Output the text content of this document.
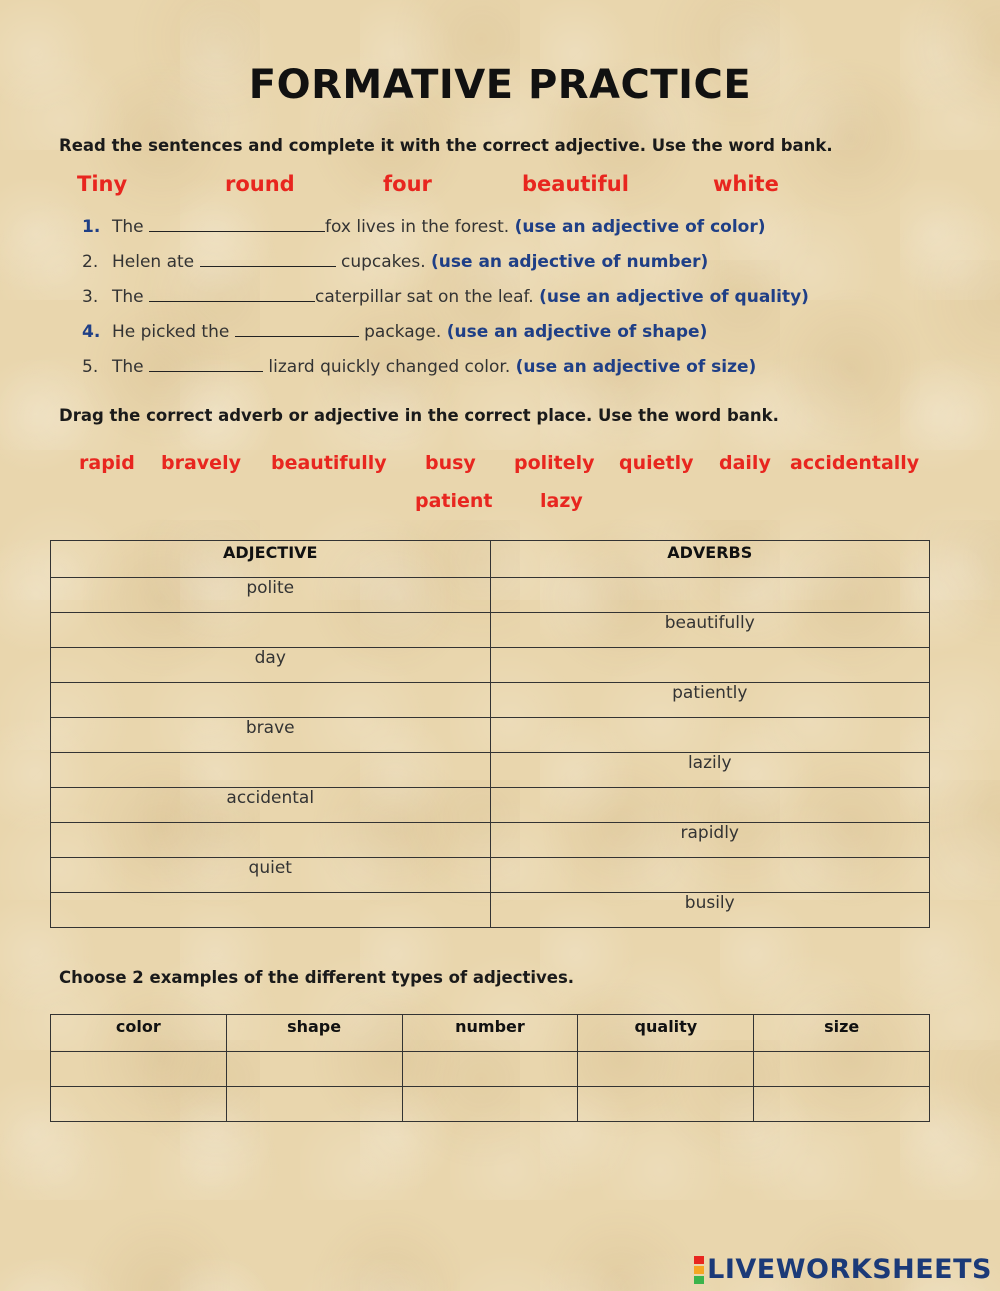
FORMATIVE PRACTICE
Read the sentences and complete it with the correct adjective. Use the word bank.
Tiny	round	four	beautiful	white
1. The	fox lives in the forest. (use an adjective of color)
2. Helen ate	cupcakes. (use an adjective of number)
3. The	caterpillar sat on the leaf. (use an adjective of quality)
4. He picked the	package. (use an adjective of shape)
5. The	lizard quickly changed color. (use an adjective of size)
Drag the correct adverb or adjective in the correct place. Use the word bank.
rapid bravely beautifully busy politely quietly daily accidentally
patient lazy
ADJECTIVE	ADVERBS
polite	
	beautifully
day	
	patiently
brave	
	lazily
accidental	
	rapidly
quiet	
	busily
Choose 2 examples of the different types of adjectives.
color	shape	number	quality	size

LIVEWORKSHEETS
